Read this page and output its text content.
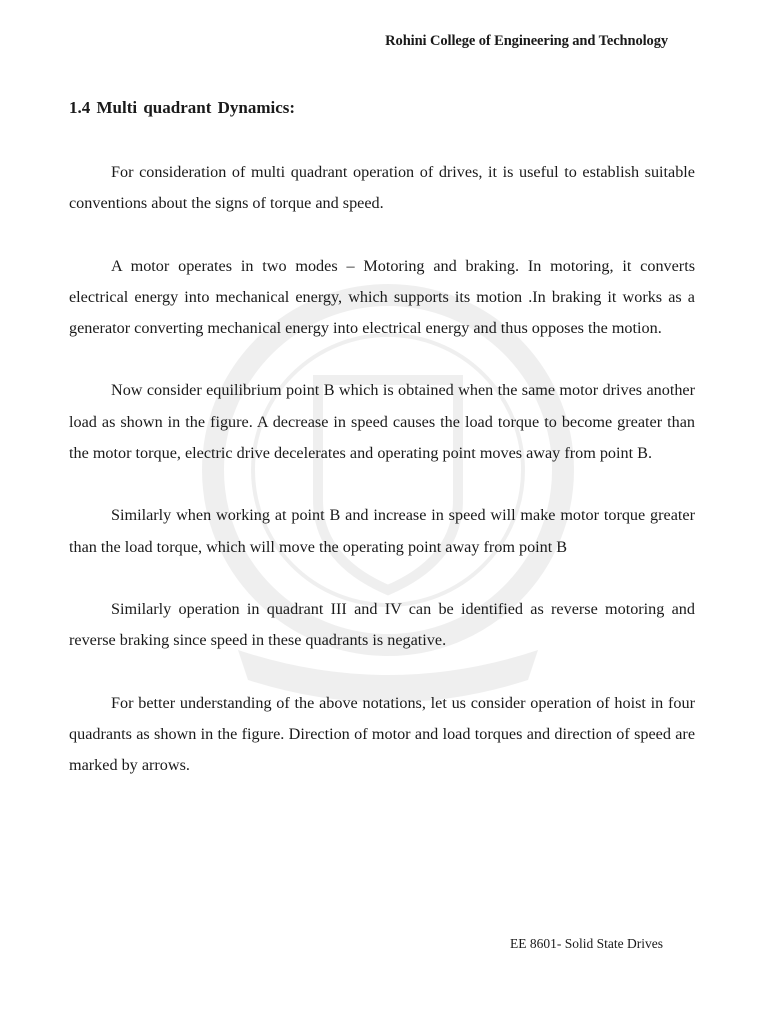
Rohini College of Engineering and Technology
1.4 Multi quadrant Dynamics:

For consideration of multi quadrant operation of drives, it is useful to establish suitable conventions about the signs of torque and speed.

A motor operates in two modes – Motoring and braking. In motoring, it converts electrical energy into mechanical energy, which supports its motion .In braking it works as a generator converting mechanical energy into electrical energy and thus opposes the motion.

Now consider equilibrium point B which is obtained when the same motor drives another load as shown in the figure. A decrease in speed causes the load torque to become greater than the motor torque, electric drive decelerates and operating point moves away from point B.

Similarly when working at point B and increase in speed will make motor torque greater than the load torque, which will move the operating point away from point B

Similarly operation in quadrant III and IV can be identified as reverse motoring and reverse braking since speed in these quadrants is negative.

For better understanding of the above notations, let us consider operation of hoist in four quadrants as shown in the figure. Direction of motor and load torques and direction of speed are marked by arrows.

EE 8601- Solid State Drives
